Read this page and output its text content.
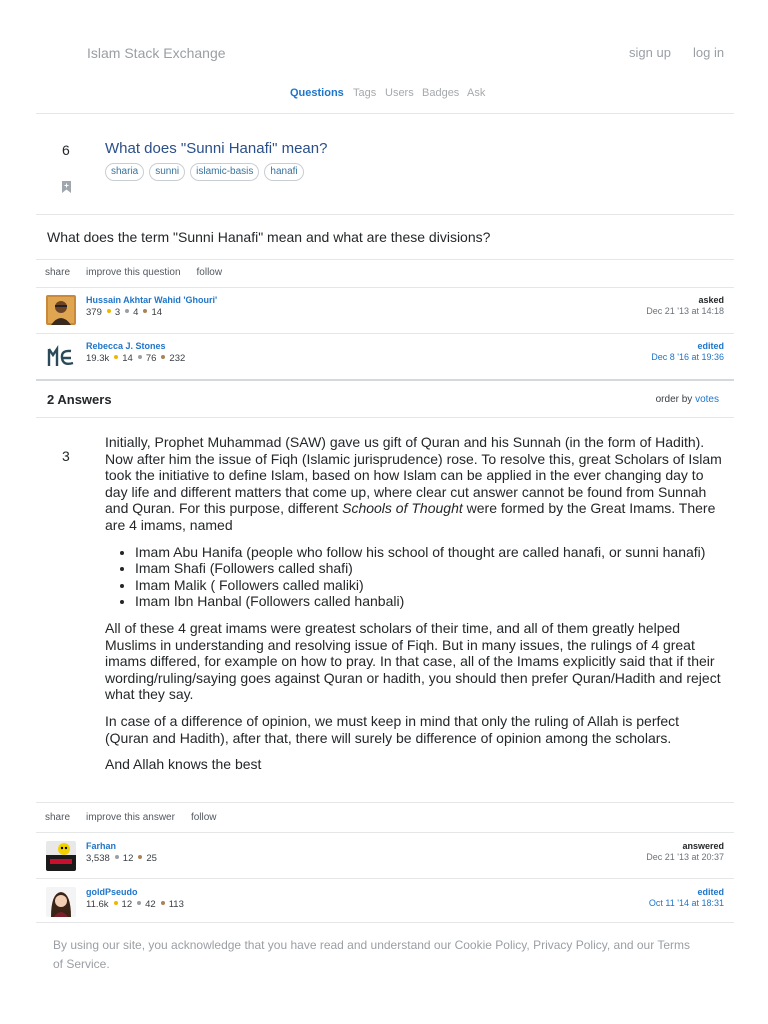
Islam Stack Exchange	sign up log in
Questions Tags Users Badges Ask
6 What does "Sunni Hanafi" mean?
sharia	sunni	islamic-basis	hanafi
What does the term "Sunni Hanafi" mean and what are these divisions?
share improve this question follow
Hussain Akhtar Wahid 'Ghouri'
379 3 4 14
asked
Dec 21 '13 at 14:18
Rebecca J. Stones
19.3k 14 76 232
edited
Dec 8 '16 at 19:36
2 Answers	order by votes
3

Initially, Prophet Muhammad (SAW) gave us gift of Quran and his Sunnah (in the form of Hadith). Now after him the issue of Fiqh (Islamic jurisprudence) rose. To resolve this, great Scholars of Islam took the initiative to define Islam, based on how Islam can be applied in the ever changing day to day life and different matters that come up, where clear cut answer cannot be found from Sunnah and Quran. For this purpose, different Schools of Thought were formed by the Great Imams. There are 4 imams, named

• Imam Abu Hanifa (people who follow his school of thought are called hanafi, or sunni hanafi)
• Imam Shafi (Followers called shafi)
• Imam Malik ( Followers called maliki)
• Imam Ibn Hanbal (Followers called hanbali)

All of these 4 great imams were greatest scholars of their time, and all of them greatly helped Muslims in understanding and resolving issue of Fiqh. But in many issues, the rulings of 4 great imams differed, for example on how to pray. In that case, all of the Imams explicitly said that if their wording/ruling/saying goes against Quran or hadith, you should then prefer Quran/Hadith and reject what they say.

In case of a difference of opinion, we must keep in mind that only the ruling of Allah is perfect (Quran and Hadith), after that, there will surely be difference of opinion among the scholars.

And Allah knows the best

share improve this answer follow
Farhan
3,538 12 25
answered
Dec 21 '13 at 20:37
goldPseudo
11.6k 12 42 113
edited
Oct 11 '14 at 18:31
By using our site, you acknowledge that you have read and understand our Cookie Policy, Privacy Policy, and our Terms of Service.
